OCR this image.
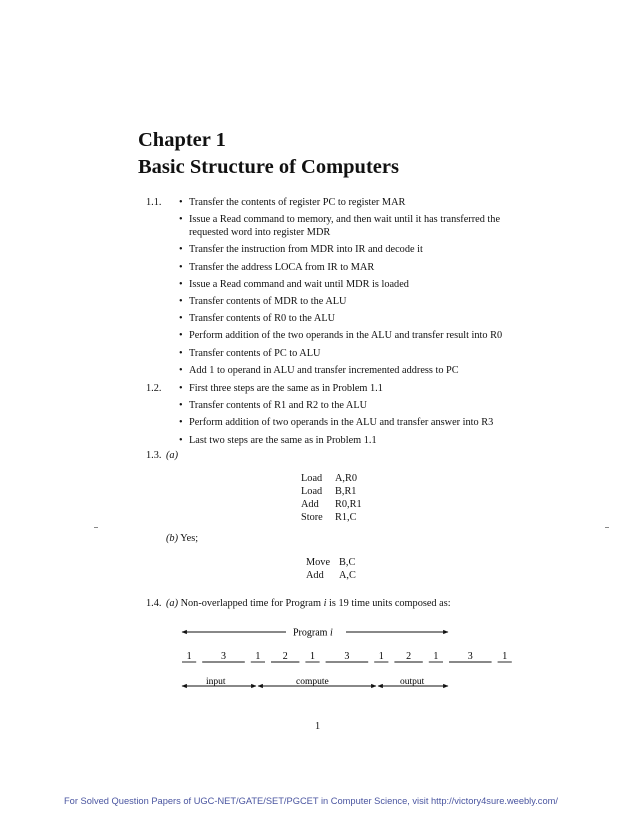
Chapter 1
Basic Structure of Computers
1.1.	• Transfer the contents of register PC to register MAR
• Issue a Read command to memory, and then wait until it has transferred the requested word into register MDR
• Transfer the instruction from MDR into IR and decode it
• Transfer the address LOCA from IR to MAR
• Issue a Read command and wait until MDR is loaded
• Transfer contents of MDR to the ALU
• Transfer contents of R0 to the ALU
• Perform addition of the two operands in the ALU and transfer result into R0
• Transfer contents of PC to ALU
• Add 1 to operand in ALU and transfer incremented address to PC
1.2.	• First three steps are the same as in Problem 1.1
• Transfer contents of R1 and R2 to the ALU
• Perform addition of two operands in the ALU and transfer answer into R3
• Last two steps are the same as in Problem 1.1
1.3. (a)
Load	A,R0
Load	B,R1
Add	R0,R1
Store	R1,C
(b) Yes;
Move B,C
Add	A,C
1.4. (a) Non-overlapped time for Program i is 19 time units composed as:
Program i
1	3	1 2 1	3	1 2 1	3	1
input	compute	output
1
For Solved Question Papers of UGC-NET/GATE/SET/PGCET in Computer Science, visit http://victory4sure.weebly.com/
